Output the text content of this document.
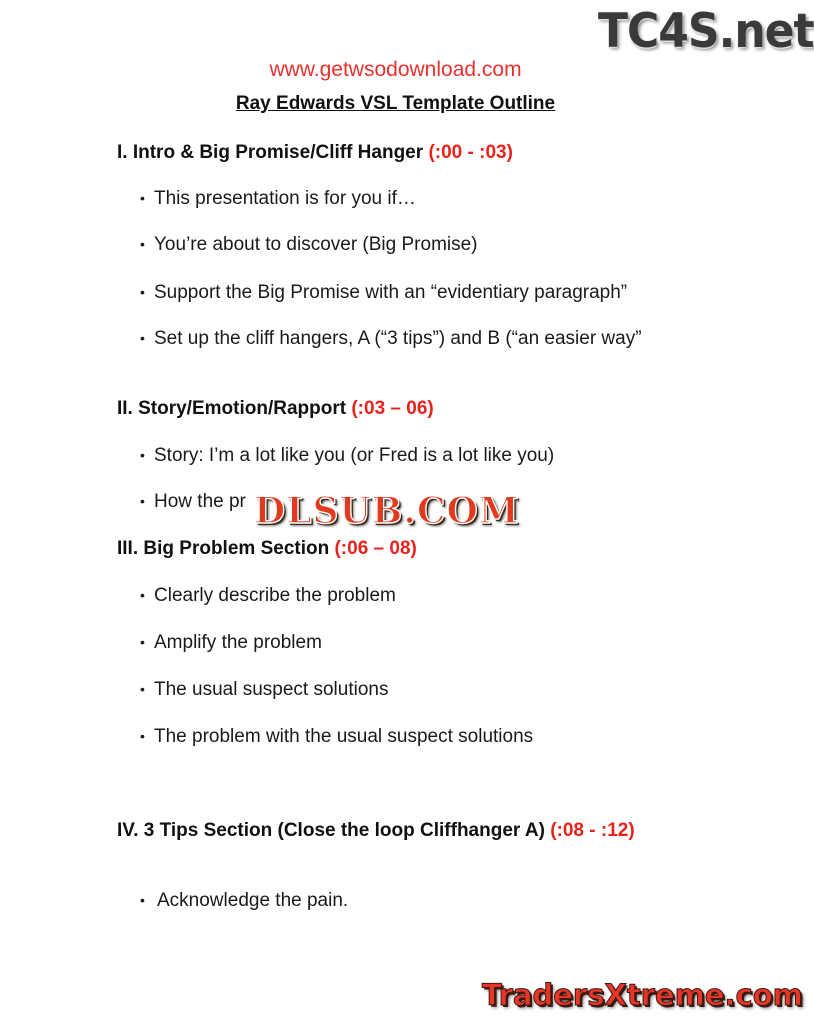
TC4S.net
www.getwsodownload.com
Ray Edwards VSL Template Outline
I. Intro & Big Promise/Cliff Hanger (:00 - :03)
• This presentation is for you if…
• You’re about to discover (Big Promise)
• Support the Big Promise with an “evidentiary paragraph”
• Set up the cliff hangers, A (“3 tips”) and B (“an easier way”
II. Story/Emotion/Rapport (:03 – 06)
• Story: I’m a lot like you (or Fred is a lot like you)
• How the pr DLSUB.COM
III. Big Problem Section (:06 – 08)
• Clearly describe the problem
• Amplify the problem
• The usual suspect solutions
• The problem with the usual suspect solutions
IV. 3 Tips Section (Close the loop Cliffhanger A) (:08 - :12)
• Acknowledge the pain.
TradersXtreme.com
